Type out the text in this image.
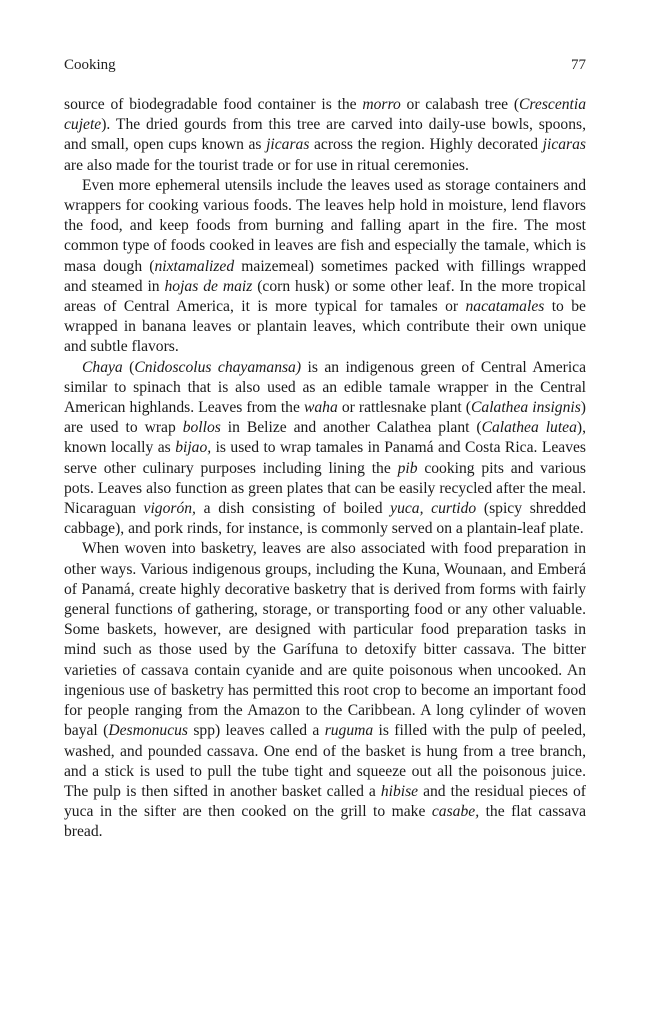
Cooking	77

source of biodegradable food container is the morro or calabash tree (Crescentia cujete). The dried gourds from this tree are carved into daily-use bowls, spoons, and small, open cups known as jicaras across the region. Highly decorated jicaras are also made for the tourist trade or for use in ritual ceremonies.

Even more ephemeral utensils include the leaves used as storage containers and wrappers for cooking various foods. The leaves help hold in moisture, lend flavors the food, and keep foods from burning and falling apart in the fire. The most common type of foods cooked in leaves are fish and especially the tamale, which is masa dough (nixtamalized maizemeal) sometimes packed with fillings wrapped and steamed in hojas de maiz (corn husk) or some other leaf. In the more tropical areas of Central America, it is more typical for tamales or nacatamales to be wrapped in banana leaves or plantain leaves, which contribute their own unique and subtle flavors.

Chaya (Cnidoscolus chayamansa) is an indigenous green of Central America similar to spinach that is also used as an edible tamale wrapper in the Central American highlands. Leaves from the waha or rattlesnake plant (Calathea insignis) are used to wrap bollos in Belize and another Calathea plant (Calathea lutea), known locally as bijao, is used to wrap tamales in Panamá and Costa Rica. Leaves serve other culinary purposes including lining the pib cooking pits and various pots. Leaves also function as green plates that can be easily recycled after the meal. Nicaraguan vigorón, a dish consisting of boiled yuca, curtido (spicy shredded cabbage), and pork rinds, for instance, is commonly served on a plantain-leaf plate.

When woven into basketry, leaves are also associated with food preparation in other ways. Various indigenous groups, including the Kuna, Wounaan, and Emberá of Panamá, create highly decorative basketry that is derived from forms with fairly general functions of gathering, storage, or transporting food or any other valuable. Some baskets, however, are designed with particular food preparation tasks in mind such as those used by the Garífuna to detoxify bitter cassava. The bitter varieties of cassava contain cyanide and are quite poisonous when uncooked. An ingenious use of basketry has permitted this root crop to become an important food for people ranging from the Amazon to the Caribbean. A long cylinder of woven bayal (Desmonucus spp) leaves called a ruguma is filled with the pulp of peeled, washed, and pounded cassava. One end of the basket is hung from a tree branch, and a stick is used to pull the tube tight and squeeze out all the poisonous juice. The pulp is then sifted in another basket called a hibise and the residual pieces of yuca in the sifter are then cooked on the grill to make casabe, the flat cassava bread.
